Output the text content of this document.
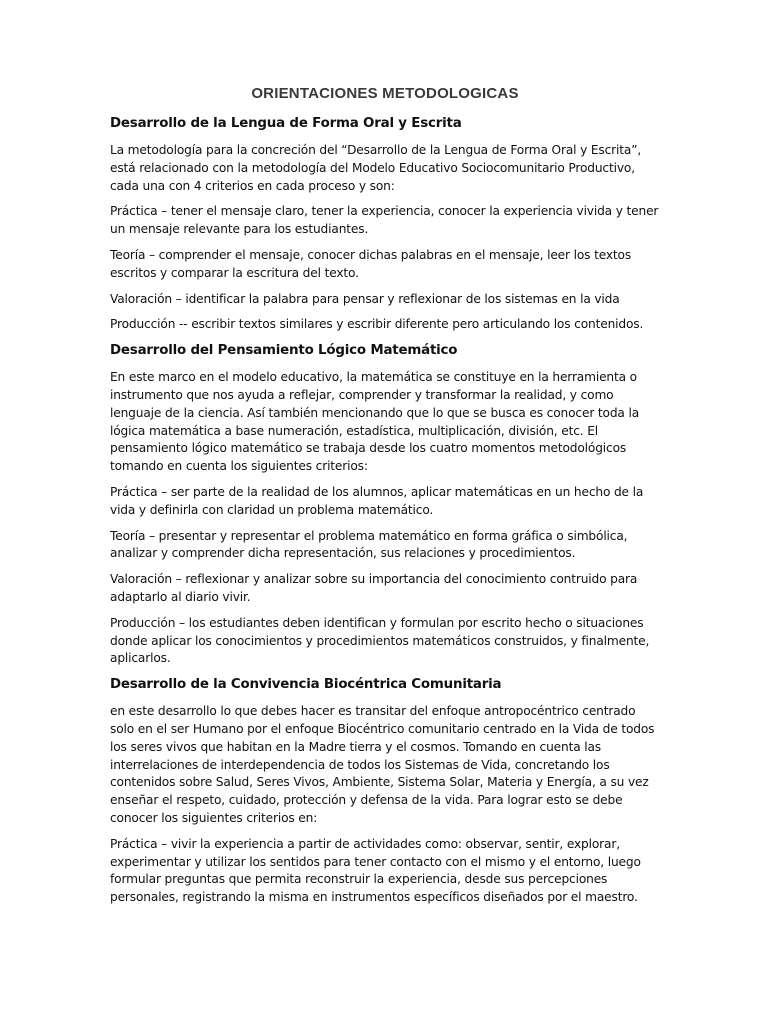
ORIENTACIONES METODOLOGICAS
Desarrollo de la Lengua de Forma Oral y Escrita

La metodología para la concreción del “Desarrollo de la Lengua de Forma Oral y Escrita”, está relacionado con la metodología del Modelo Educativo Sociocomunitario Productivo, cada una con 4 criterios en cada proceso y son:

Práctica – tener el mensaje claro, tener la experiencia, conocer la experiencia vivida y tener un mensaje relevante para los estudiantes.

Teoría – comprender el mensaje, conocer dichas palabras en el mensaje, leer los textos escritos y comparar la escritura del texto.

Valoración – identificar la palabra para pensar y reflexionar de los sistemas en la vida

Producción -- escribir textos similares y escribir diferente pero articulando los contenidos.

Desarrollo del Pensamiento Lógico Matemático

En este marco en el modelo educativo, la matemática se constituye en la herramienta o instrumento que nos ayuda a reflejar, comprender y transformar la realidad, y como lenguaje de la ciencia. Así también mencionando que lo que se busca es conocer toda la lógica matemática a base numeración, estadística, multiplicación, división, etc. El pensamiento lógico matemático se trabaja desde los cuatro momentos metodológicos tomando en cuenta los siguientes criterios:

Práctica – ser parte de la realidad de los alumnos, aplicar matemáticas en un hecho de la vida y definirla con claridad un problema matemático.

Teoría – presentar y representar el problema matemático en forma gráfica o simbólica, analizar y comprender dicha representación, sus relaciones y procedimientos.

Valoración – reflexionar y analizar sobre su importancia del conocimiento contruido para adaptarlo al diario vivir.

Producción – los estudiantes deben identifican y formulan por escrito hecho o situaciones donde aplicar los conocimientos y procedimientos matemáticos construidos, y finalmente, aplicarlos.

Desarrollo de la Convivencia Biocéntrica Comunitaria

en este desarrollo lo que debes hacer es transitar del enfoque antropocéntrico centrado solo en el ser Humano por el enfoque Biocéntrico comunitario centrado en la Vida de todos los seres vivos que habitan en la Madre tierra y el cosmos. Tomando en cuenta las interrelaciones de interdependencia de todos los Sistemas de Vida, concretando los contenidos sobre Salud, Seres Vivos, Ambiente, Sistema Solar, Materia y Energía, a su vez enseñar el respeto, cuidado, protección y defensa de la vida. Para lograr esto se debe conocer los siguientes criterios en:

Práctica – vivir la experiencia a partir de actividades como: observar, sentir, explorar, experimentar y utilizar los sentidos para tener contacto con el mismo y el entorno, luego formular preguntas que permita reconstruir la experiencia, desde sus percepciones personales, registrando la misma en instrumentos específicos diseñados por el maestro.
